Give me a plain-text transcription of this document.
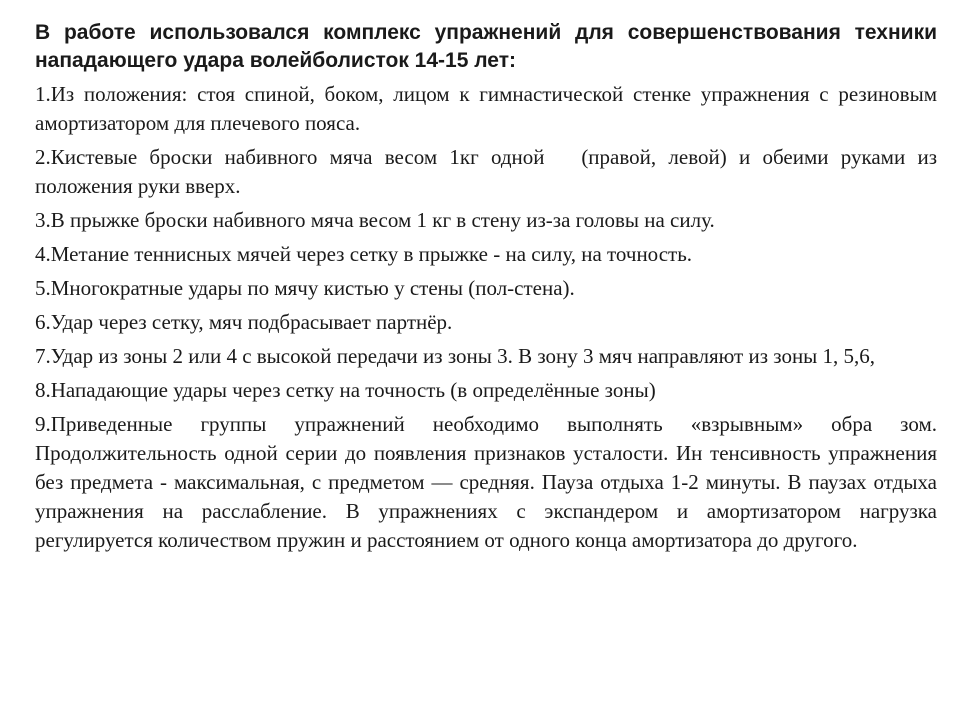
В работе использовался комплекс упражнений для совершенствования техники нападающего удара волейболисток 14-15 лет:

1.Из положения: стоя спиной, боком, лицом к гимнастической стенке упражнения с резиновым амортизатором для плечевого пояса.

2.Кистевые броски набивного мяча весом 1кг одной   (правой, левой) и обеими руками из положения руки вверх.

3.В прыжке броски набивного мяча весом 1 кг в стену из-за головы на силу.

4.Метание теннисных мячей через сетку в прыжке - на силу, на точность.

5.Многократные удары по мячу кистью у стены (пол-стена).

6.Удар через сетку, мяч подбрасывает партнёр.

7.Удар из зоны 2 или 4 с высокой передачи из зоны 3. В зону 3 мяч направляют из зоны 1, 5,6,

8.Нападающие удары через сетку на точность (в определённые зоны)

9.Приведенные группы упражнений необходимо выполнять «взрывным» обра зом. Продолжительность одной серии до появления признаков усталости. Ин тенсивность упражнения без предмета - максимальная, с предметом — средняя. Пауза отдыха 1-2 минуты. В паузах отдыха упражнения на расслабление. В упражнениях с экспандером и амортизатором нагрузка регулируется количеством пружин и расстоянием от одного конца амортизатора до другого.
